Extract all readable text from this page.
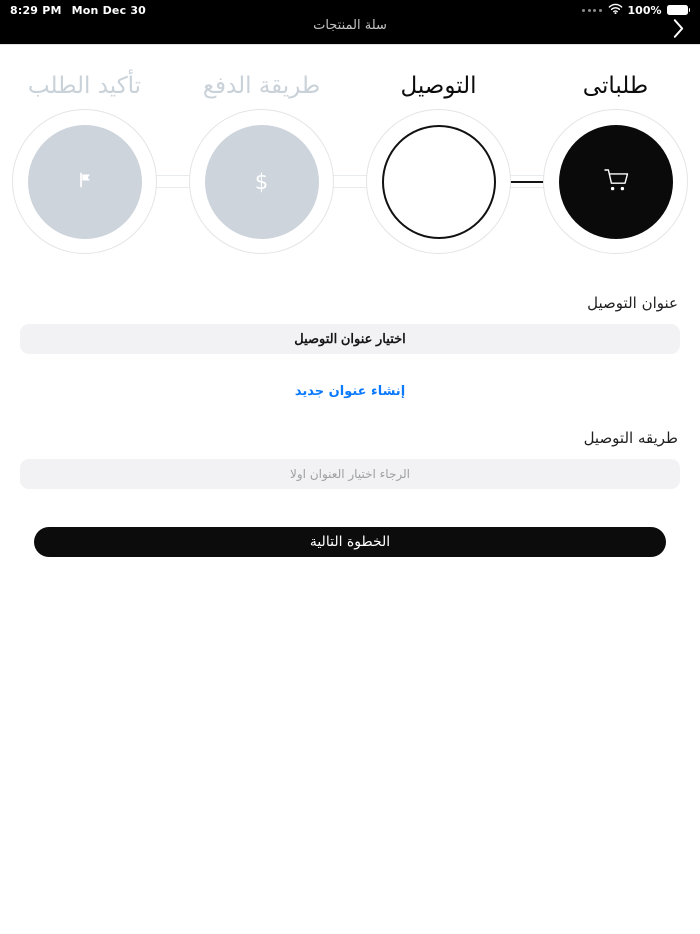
8:29 PM Mon Dec 30	100%
سلة المنتجات
طلباتى
التوصيل
طريقة الدفع
$
تأكيد الطلب
عنوان التوصيل
اختيار عنوان التوصيل
إنشاء عنوان جديد
طريقه التوصيل
الرجاء اختيار العنوان اولا
الخطوة التالية
